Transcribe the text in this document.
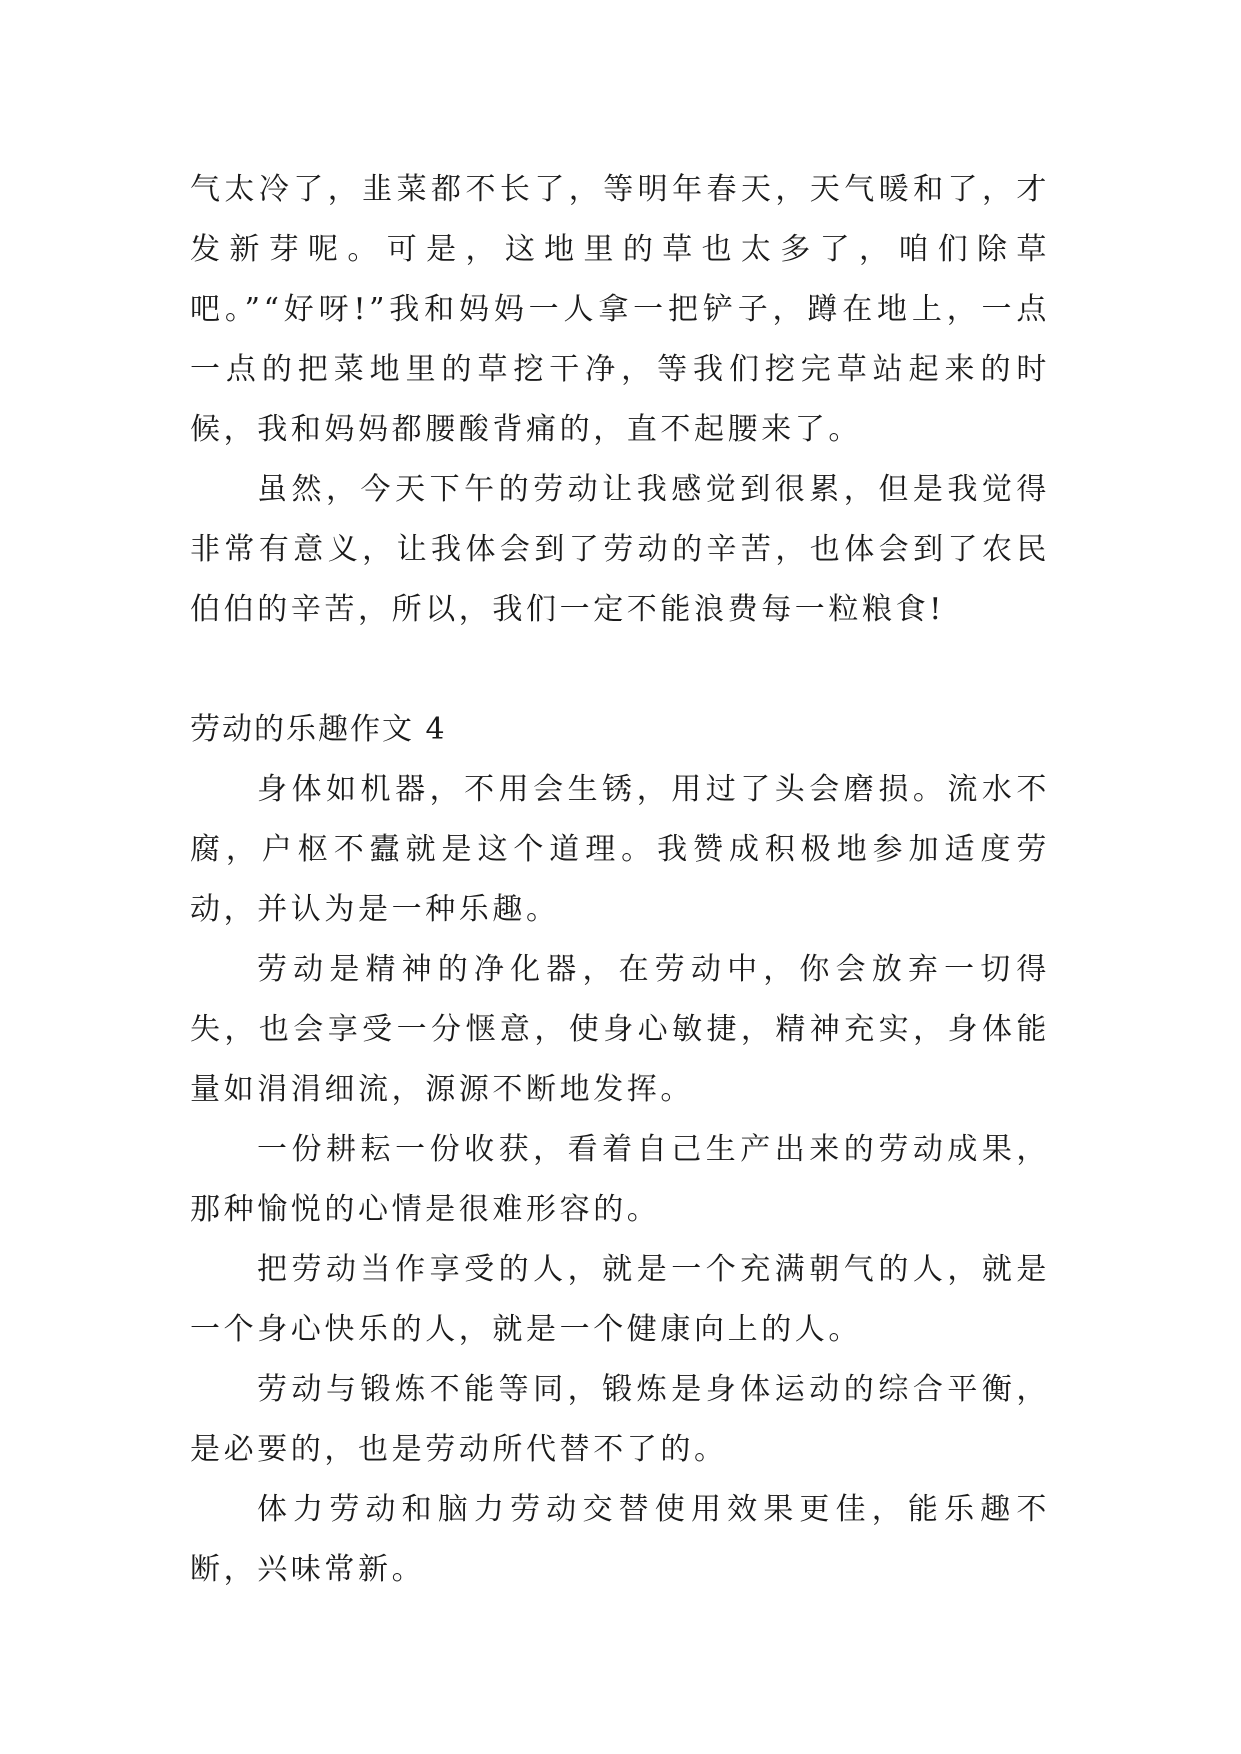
气太冷了，韭菜都不长了，等明年春天，天气暖和了，才发新芽呢。可是，这地里的草也太多了，咱们除草吧。”“好呀!”我和妈妈一人拿一把铲子，蹲在地上，一点一点的把菜地里的草挖干净，等我们挖完草站起来的时候，我和妈妈都腰酸背痛的，直不起腰来了。

虽然，今天下午的劳动让我感觉到很累，但是我觉得非常有意义，让我体会到了劳动的辛苦，也体会到了农民伯伯的辛苦，所以，我们一定不能浪费每一粒粮食!

劳动的乐趣作文 4

身体如机器，不用会生锈，用过了头会磨损。流水不腐，户枢不蠹就是这个道理。我赞成积极地参加适度劳动，并认为是一种乐趣。

劳动是精神的净化器，在劳动中，你会放弃一切得失，也会享受一分惬意，使身心敏捷，精神充实，身体能量如涓涓细流，源源不断地发挥。

一份耕耘一份收获，看着自己生产出来的劳动成果，那种愉悦的心情是很难形容的。

把劳动当作享受的人，就是一个充满朝气的人，就是一个身心快乐的人，就是一个健康向上的人。

劳动与锻炼不能等同，锻炼是身体运动的综合平衡，是必要的，也是劳动所代替不了的。

体力劳动和脑力劳动交替使用效果更佳，能乐趣不断，兴味常新。
